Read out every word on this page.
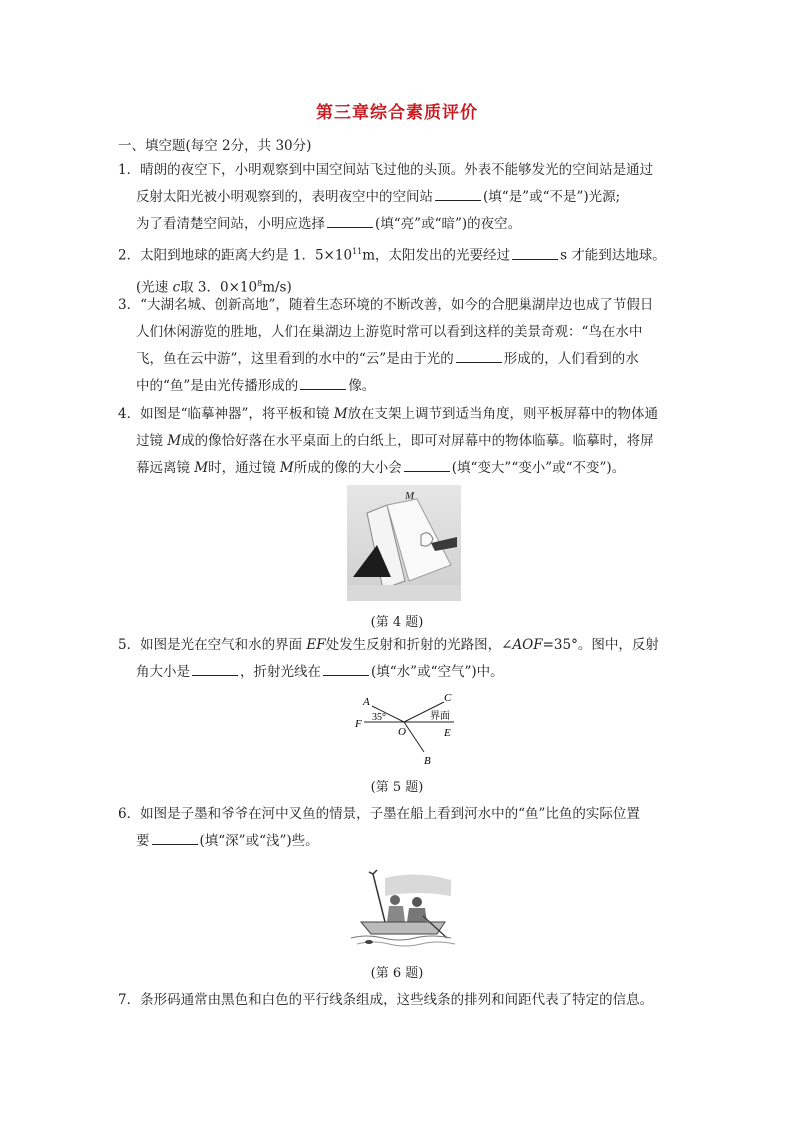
第三章综合素质评价
一、填空题(每空 2分，共 30分)
1．晴朗的夜空下，小明观察到中国空间站飞过他的头顶。外表不能够发光的空间站是通过
反射太阳光被小明观察到的，表明夜空中的空间站	(填“是”或“不是”)光源;
为了看清楚空间站，小明应选择	(填“亮”或“暗”)的夜空。
2．太阳到地球的距离大约是 1．$5\times 10^{11}m$，太阳发出的光要经过	s 才能到达地球。
(光速 c取 3．$0\times 10^8m/s$)
3．“大湖名城、创新高地”，随着生态环境的不断改善，如今的合肥巢湖岸边也成了节假日
人们休闲游览的胜地，人们在巢湖边上游览时常可以看到这样的美景奇观：“鸟在水中
飞，鱼在云中游”，这里看到的水中的“云”是由于光的	形成的，人们看到的水
中的“鱼”是由光传播形成的	像。
4．如图是“临摹神器”，将平板和镜 M放在支架上调节到适当角度，则平板屏幕中的物体通
过镜 M成的像恰好落在水平桌面上的白纸上，即可对屏幕中的物体临摹。临摹时，将屏
幕远离镜 M时，通过镜 M所成的像的大小会	(填“变大”“变小”或“不变”)。
M
(第 4 题)
5．如图是光在空气和水的界面 EF处发生反射和折射的光路图，∠AOF=35°。图中，反射
角大小是	，折射光线在	(填“水”或“空气”)中。
A	C
F
O	E
B
35°	界面
(第 5 题)
6．如图是子墨和爷爷在河中叉鱼的情景，子墨在船上看到河水中的“鱼”比鱼的实际位置
要	(填“深”或“浅”)些。
(第 6 题)
7．条形码通常由黑色和白色的平行线条组成，这些线条的排列和间距代表了特定的信息。
